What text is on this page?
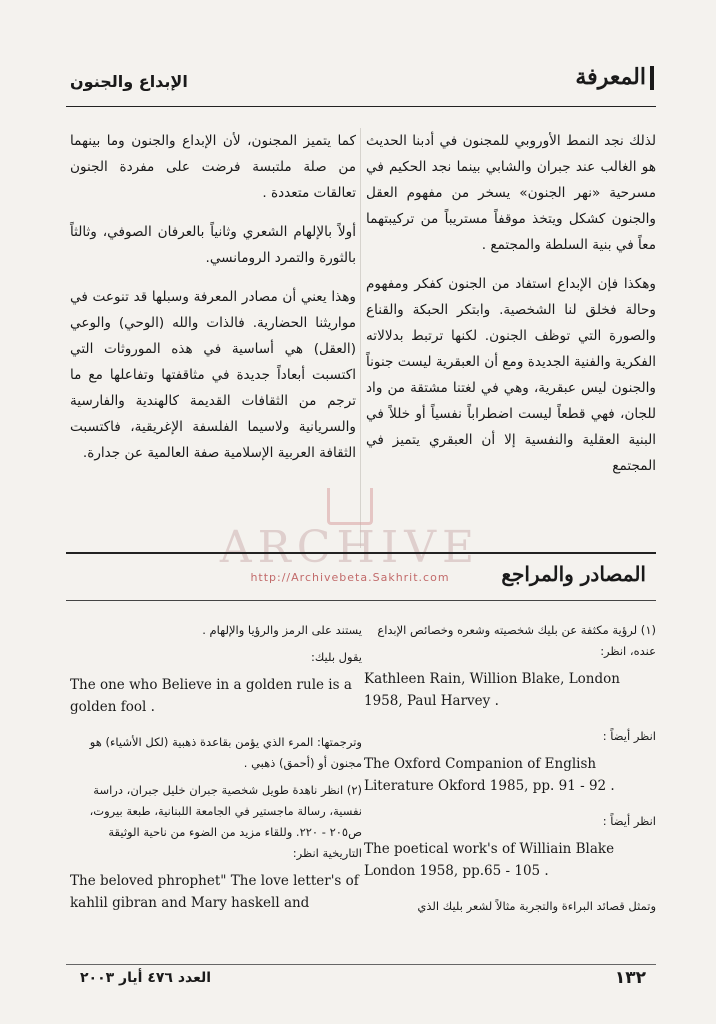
المعرفة
الإبداع والجنون

لذلك نجد النمط الأوروبي للمجنون في أدبنا الحديث هو الغالب عند جبران والشابي بينما نجد الحكيم في مسرحية «نهر الجنون» يسخر من مفهوم العقل والجنون كشكل ويتخذ موقفاً مستريباً من تركيبتهما معاً في بنية السلطة والمجتمع .

وهكذا فإن الإبداع استفاد من الجنون كفكر ومفهوم وحالة فخلق لنا الشخصية. وابتكر الحبكة والقناع والصورة التي توظف الجنون. لكنها ترتبط بدلالاته الفكرية والفنية الجديدة ومع أن العبقرية ليست جنوناً والجنون ليس عبقرية، وهي في لغتنا مشتقة من واد للجان، فهي قطعاً ليست اضطراباً نفسياً أو خللاً في البنية العقلية والنفسية إلا أن العبقري يتميز في المجتمع

كما يتميز المجنون، لأن الإبداع والجنون وما بينهما من صلة ملتبسة فرضت على مفردة الجنون تعالقات متعددة .

أولاً بالإلهام الشعري وثانياً بالعرفان الصوفي، وثالثاً بالثورة والتمرد الرومانسي.

وهذا يعني أن مصادر المعرفة وسبلها قد تنوعت في مواريثنا الحضارية. فالذات والله (الوحي) والوعي (العقل) هي أساسية في هذه الموروثات التي اكتسبت أبعاداً جديدة في مثاقفتها وتفاعلها مع ما ترجم من الثقافات القديمة كالهندية والفارسية والسريانية ولاسيما الفلسفة الإغريقية، فاكتسبت الثقافة العربية الإسلامية صفة العالمية عن جدارة.

ARCHIVE
http://Archivebeta.Sakhrit.com	المصادر والمراجع

(١) لرؤية مكثفة عن بليك شخصيته وشعره وخصائص الإبداع عنده، انظر:

Kathleen Rain, Willion Blake, London 1958, Paul Harvey .

انظر أيضاً :

The Oxford Companion of English Literature Okford 1985, pp. 91 - 92 .

انظر أيضاً :

The poetical work's of Williain Blake London 1958, pp.65 - 105 .

وتمثل قصائد البراءة والتجربة مثالاً لشعر بليك الذي

يستند على الرمز والرؤيا والإلهام .

يقول بليك:

The one who Believe in a golden rule is a golden fool .

وترجمتها: المرء الذي يؤمن بقاعدة ذهبية (لكل الأشياء) هو مجنون أو (أحمق) ذهبي .

(٢) انظر ناهدة طويل شخصية جبران خليل جبران، دراسة نفسية، رسالة ماجستير في الجامعة اللبنانية، طبعة بيروت، ص٢٠٥ - ٢٢٠. وللقاء مزيد من الضوء من ناحية الوثيقة التاريخية انظر:

The beloved phrophet" The love letter's of kahlil gibran and Mary haskell and

١٣٢
العدد ٤٧٦ أيار ٢٠٠٣
